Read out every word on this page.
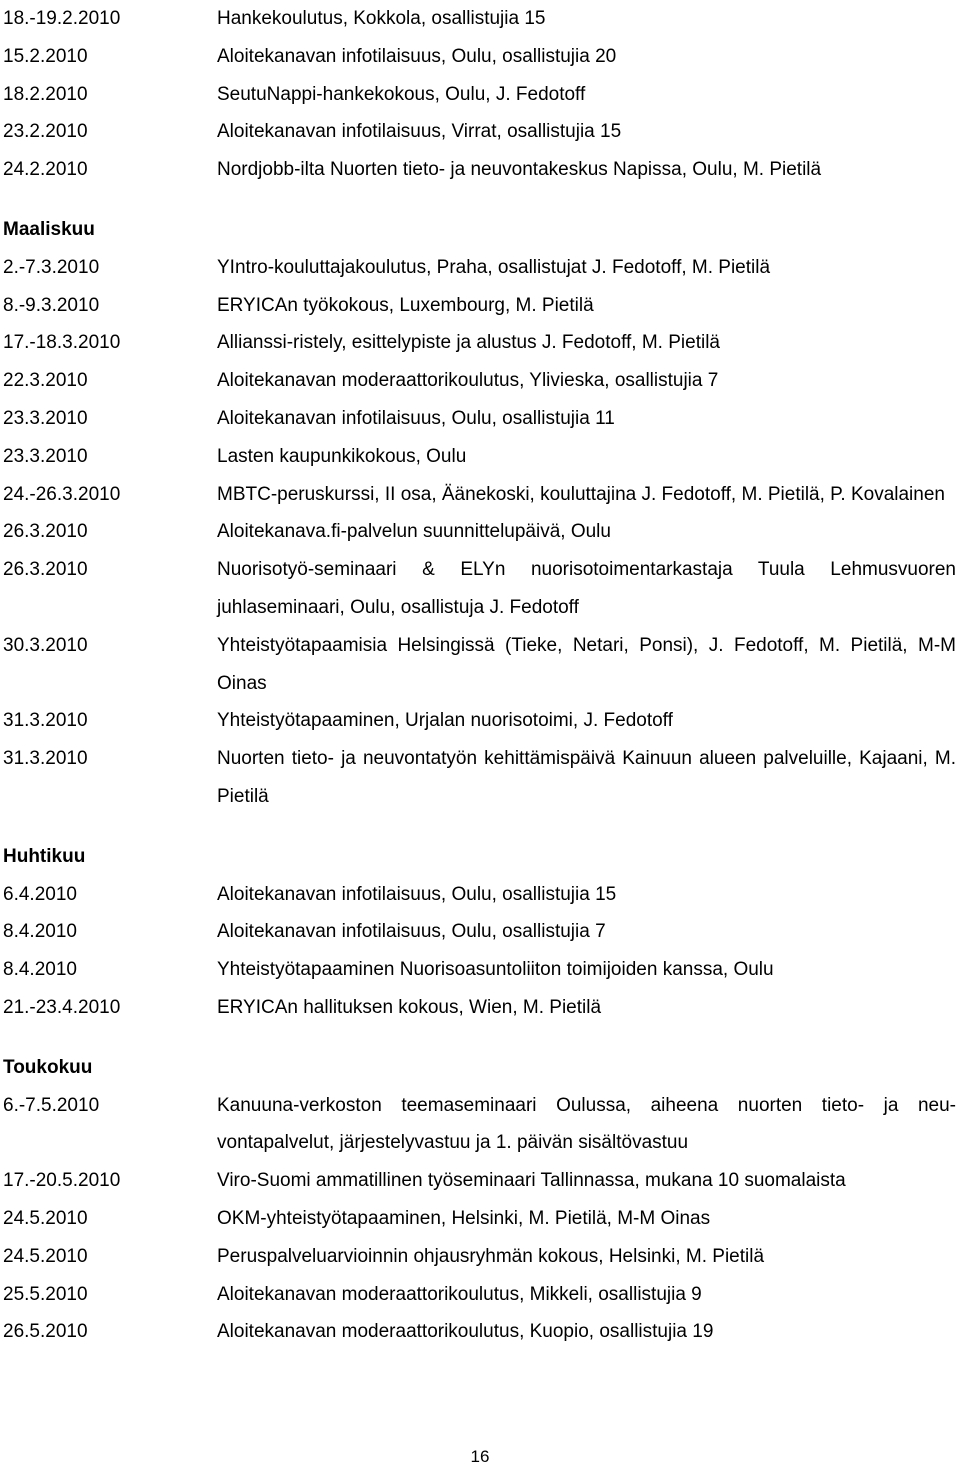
18.-19.2.2010	Hankekoulutus, Kokkola, osallistujia 15
15.2.2010	Aloitekanavan infotilaisuus, Oulu, osallistujia 20
18.2.2010	SeutuNappi-hankekokous, Oulu, J. Fedotoff
23.2.2010	Aloitekanavan infotilaisuus, Virrat, osallistujia 15
24.2.2010	Nordjobb-ilta Nuorten tieto- ja neuvontakeskus Napissa, Oulu, M. Pietilä
Maaliskuu
2.-7.3.2010	YIntro-kouluttajakoulutus, Praha, osallistujat J. Fedotoff, M. Pietilä
8.-9.3.2010	ERYICAn työkokous, Luxembourg, M. Pietilä
17.-18.3.2010	Allianssi-ristely, esittelypiste ja alustus J. Fedotoff, M. Pietilä
22.3.2010	Aloitekanavan moderaattorikoulutus, Ylivieska, osallistujia 7
23.3.2010	Aloitekanavan infotilaisuus, Oulu, osallistujia 11
23.3.2010	Lasten kaupunkikokous, Oulu
24.-26.3.2010	MBTC-peruskurssi, II osa, Äänekoski, kouluttajina J. Fedotoff, M. Pietilä, P. Kovalainen
26.3.2010	Aloitekanava.fi-palvelun suunnittelupäivä, Oulu
26.3.2010	Nuorisotyö-seminaari & ELYn nuorisotoimentarkastaja Tuula Lehmusvuoren juhlaseminaari, Oulu, osallistuja J. Fedotoff
30.3.2010	Yhteistyötapaamisia Helsingissä (Tieke, Netari, Ponsi), J. Fedotoff, M. Pietilä, M-M Oinas
31.3.2010	Yhteistyötapaaminen, Urjalan nuorisotoimi, J. Fedotoff
31.3.2010	Nuorten tieto- ja neuvontatyön kehittämispäivä Kainuun alueen palveluille, Kajaani, M. Pietilä
Huhtikuu
6.4.2010	Aloitekanavan infotilaisuus, Oulu, osallistujia 15
8.4.2010	Aloitekanavan infotilaisuus, Oulu, osallistujia 7
8.4.2010	Yhteistyötapaaminen Nuorisoasuntoliiton toimijoiden kanssa, Oulu
21.-23.4.2010	ERYICAn hallituksen kokous, Wien, M. Pietilä
Toukokuu
6.-7.5.2010	Kanuuna-verkoston teemaseminaari Oulussa, aiheena nuorten tieto- ja neuvontapalvelut, järjestelyvastuu ja 1. päivän sisältövastuu
17.-20.5.2010	Viro-Suomi ammatillinen työseminaari Tallinnassa, mukana 10 suomalaista
24.5.2010	OKM-yhteistyötapaaminen, Helsinki, M. Pietilä, M-M Oinas
24.5.2010	Peruspalveluarvioinnin ohjausryhmän kokous, Helsinki, M. Pietilä
25.5.2010	Aloitekanavan moderaattorikoulutus, Mikkeli, osallistujia 9
26.5.2010	Aloitekanavan moderaattorikoulutus, Kuopio, osallistujia 19
16
